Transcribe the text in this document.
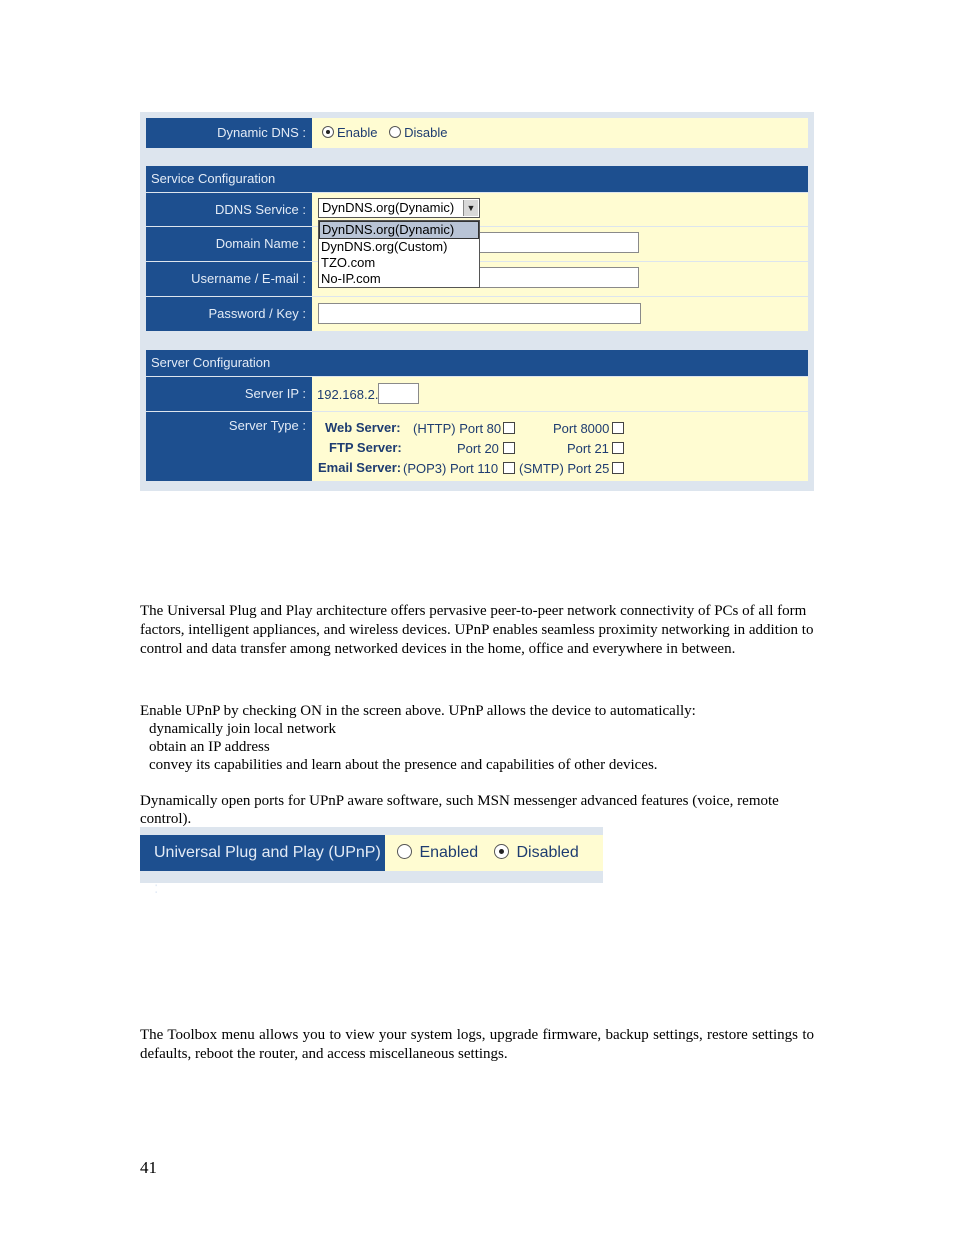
Dynamic DNS :	Enable Disable
Service Configuration
DDNS Service :	DynDNS.org(Dynamic)	▼
Domain Name :
Username / E-mail :
Password / Key :
Server Configuration
Server IP : 192.168.2.
Server Type :	Web Server: (HTTP) Port 80	Port 8000
FTP Server:	Port 20	Port 21
Email Server: (POP3) Port 110 (SMTP) Port 25
DynDNS.org(Dynamic)
DynDNS.org(Custom)
TZO.com
No-IP.com
The Universal Plug and Play architecture offers pervasive peer-to-peer network connectivity of PCs of all form factors, intelligent appliances, and wireless devices. UPnP enables seamless proximity networking in addition to control and data transfer among networked devices in the home, office and everywhere in between.
Enable UPnP by checking ON in the screen above. UPnP allows the device to automatically:
dynamically join local network
obtain an IP address
convey its capabilities and learn about the presence and capabilities of other devices.
Dynamically open ports for UPnP aware software, such MSN messenger advanced features (voice, remote control).
Universal Plug and Play (UPnP) :
Enabled	Disabled
The Toolbox menu allows you to view your system logs, upgrade firmware, backup settings, restore settings to defaults, reboot the router, and access miscellaneous settings.
41
